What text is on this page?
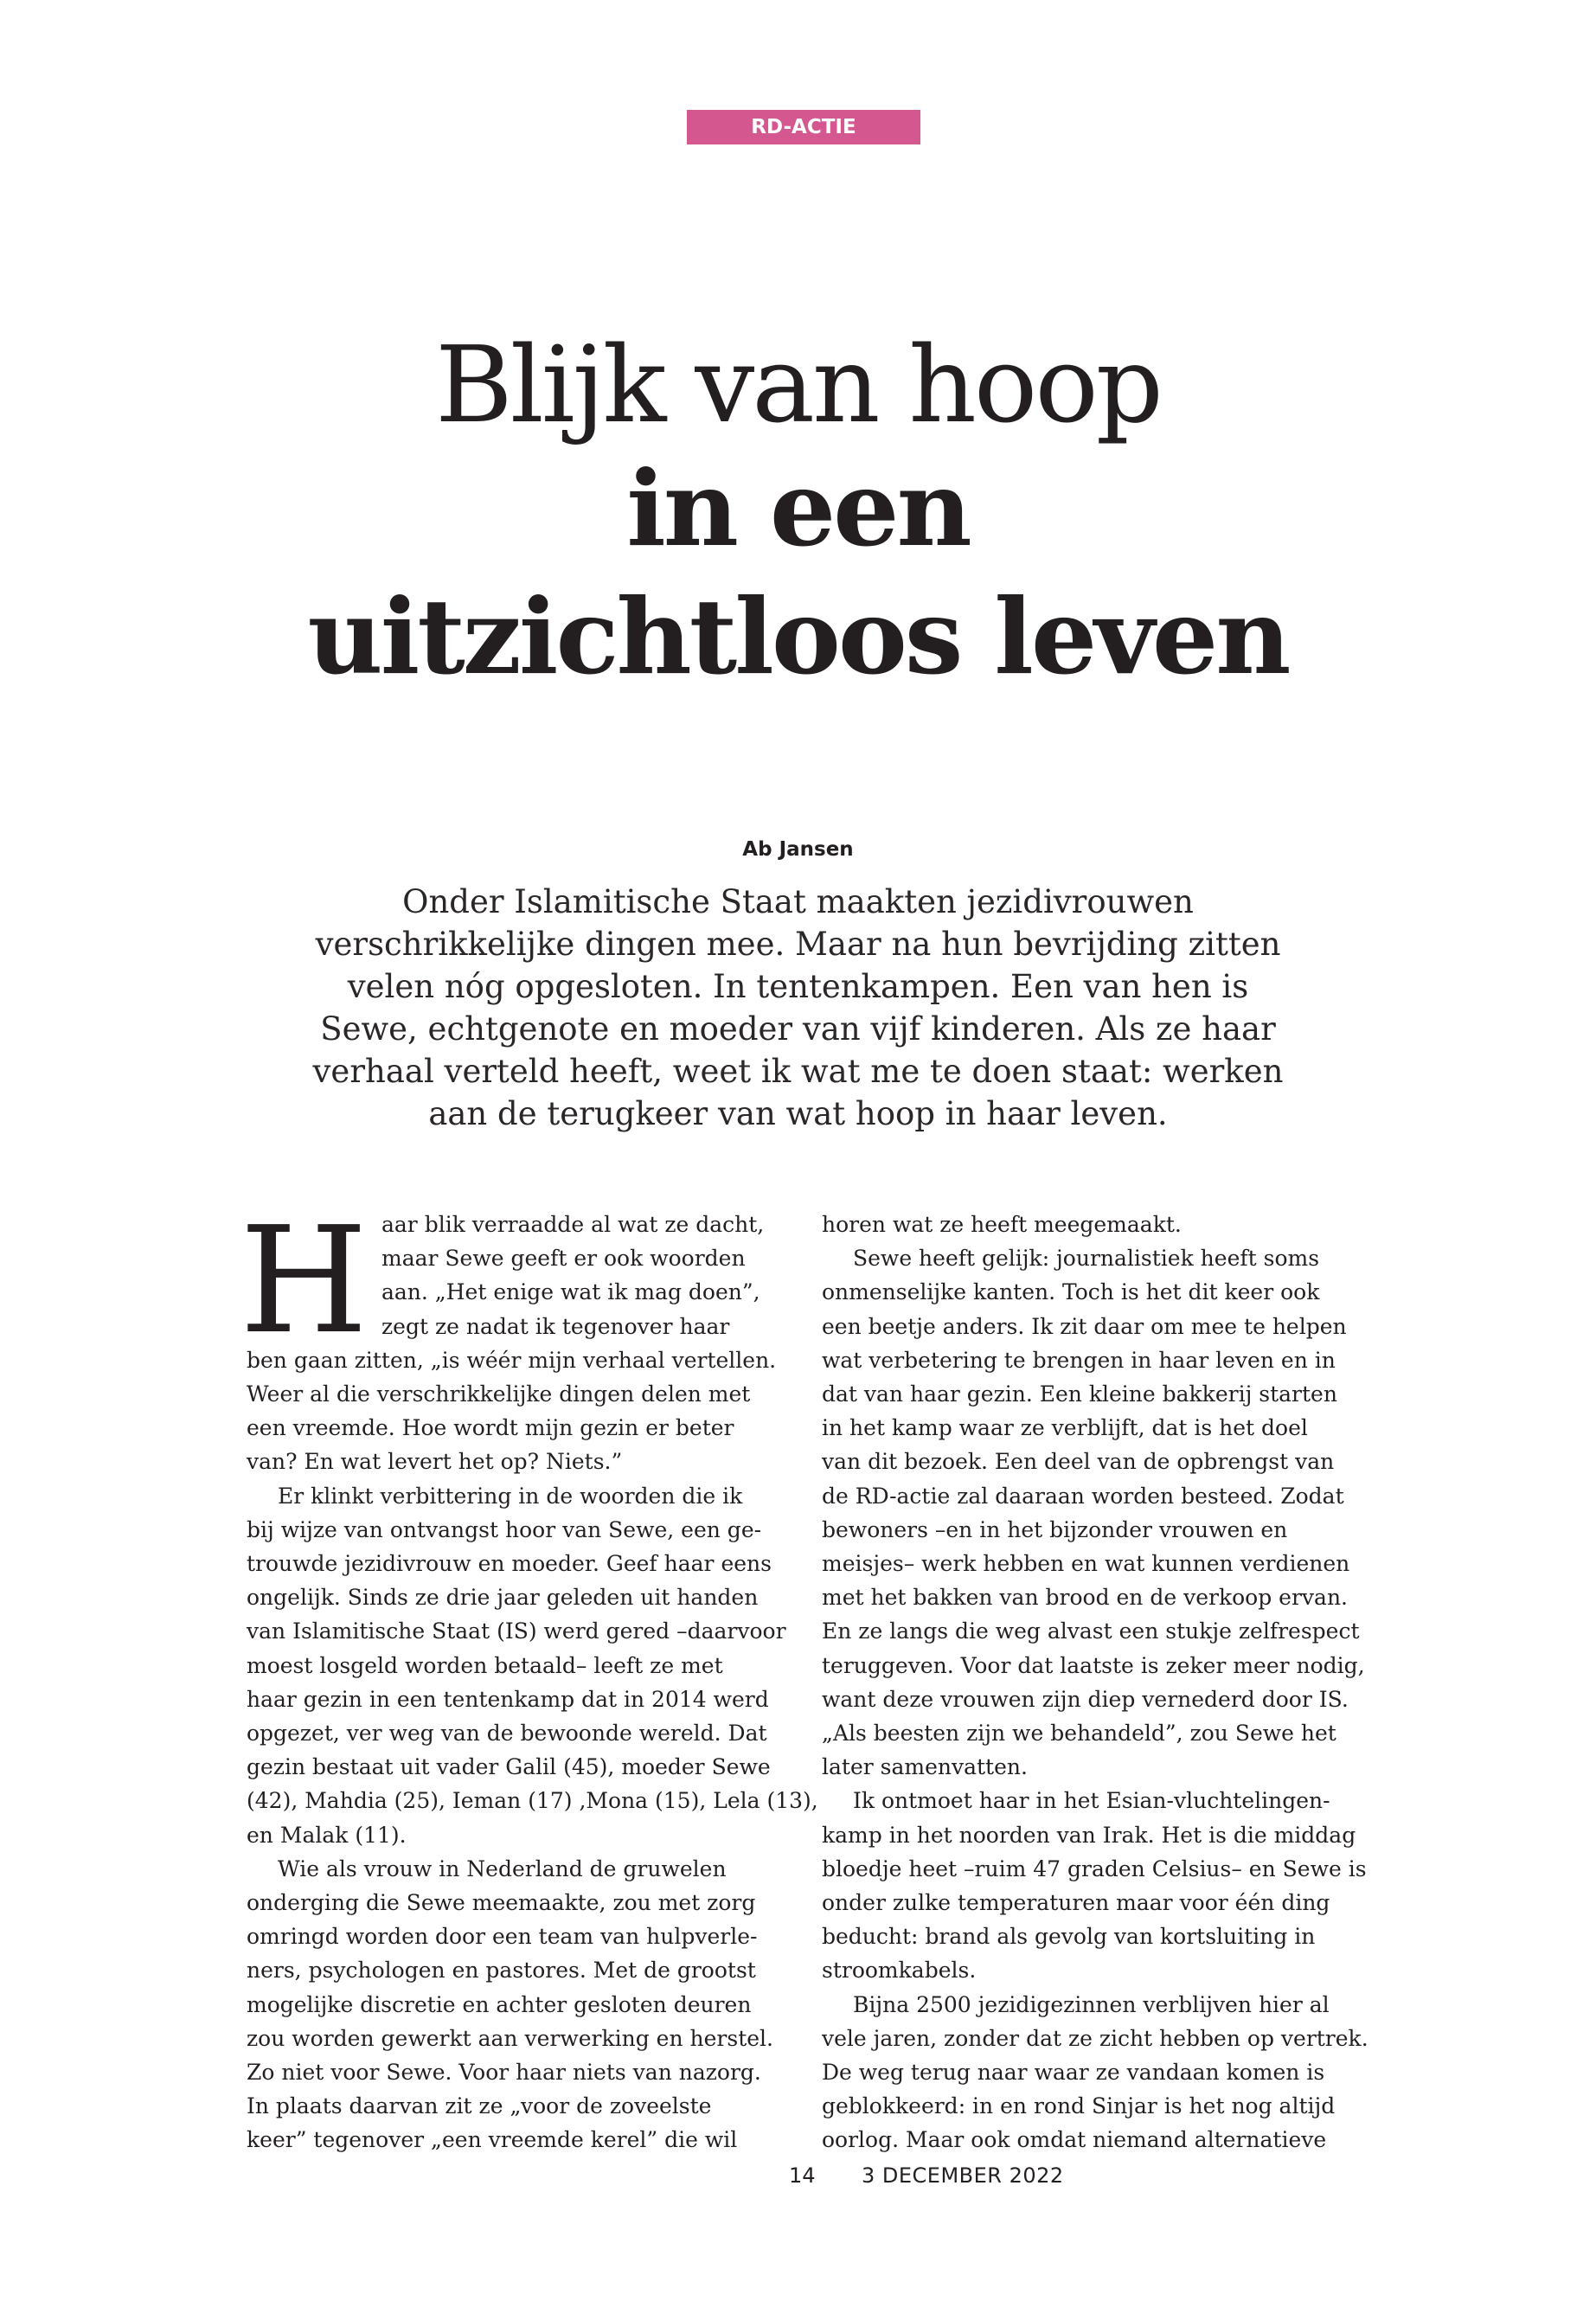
RD-ACTIE
Blijk van hoop
in een
uitzichtloos leven
Ab Jansen

Onder Islamitische Staat maakten jezidivrouwen

verschrikkelijke dingen mee. Maar na hun bevrijding zitten

velen nóg opgesloten. In tentenkampen. Een van hen is

Sewe, echtgenote en moeder van vijf kinderen. Als ze haar

verhaal verteld heeft, weet ik wat me te doen staat: werken

aan de terugkeer van wat hoop in haar leven.

H aar blik verraadde al wat ze dacht,

maar Sewe geeft er ook woorden

aan. „Het enige wat ik mag doen”,

zegt ze nadat ik tegenover haar

ben gaan zitten, „is wéér mijn verhaal vertellen.

Weer al die verschrikkelijke dingen delen met

een vreemde. Hoe wordt mijn gezin er beter

van? En wat levert het op? Niets.”

Er klinkt verbittering in de woorden die ik

bij wijze van ontvangst hoor van Sewe, een ge-

trouwde jezidivrouw en moeder. Geef haar eens

ongelijk. Sinds ze drie jaar geleden uit handen

van Islamitische Staat (IS) werd gered –daarvoor

moest losgeld worden betaald– leeft ze met

haar gezin in een tentenkamp dat in 2014 werd

opgezet, ver weg van de bewoonde wereld. Dat

gezin bestaat uit vader Galil (45), moeder Sewe

(42), Mahdia (25), Ieman (17) ,Mona (15), Lela (13),

en Malak (11).

Wie als vrouw in Nederland de gruwelen

onderging die Sewe meemaakte, zou met zorg

omringd worden door een team van hulpverle-

ners, psychologen en pastores. Met de grootst

mogelijke discretie en achter gesloten deuren

zou worden gewerkt aan verwerking en herstel.

Zo niet voor Sewe. Voor haar niets van nazorg.

In plaats daarvan zit ze „voor de zoveelste

keer” tegenover „een vreemde kerel” die wil

horen wat ze heeft meegemaakt.

Sewe heeft gelijk: journalistiek heeft soms

onmenselijke kanten. Toch is het dit keer ook

een beetje anders. Ik zit daar om mee te helpen

wat verbetering te brengen in haar leven en in

dat van haar gezin. Een kleine bakkerij starten

in het kamp waar ze verblijft, dat is het doel

van dit bezoek. Een deel van de opbrengst van

de RD-actie zal daaraan worden besteed. Zodat

bewoners –en in het bijzonder vrouwen en

meisjes– werk hebben en wat kunnen verdienen

met het bakken van brood en de verkoop ervan.

En ze langs die weg alvast een stukje zelfrespect

teruggeven. Voor dat laatste is zeker meer nodig,

want deze vrouwen zijn diep vernederd door IS.

„Als beesten zijn we behandeld”, zou Sewe het

later samenvatten.

Ik ontmoet haar in het Esian-vluchtelingen-

kamp in het noorden van Irak. Het is die middag

bloedje heet –ruim 47 graden Celsius– en Sewe is

onder zulke temperaturen maar voor één ding

beducht: brand als gevolg van kortsluiting in

stroomkabels.

Bijna 2500 jezidigezinnen verblijven hier al

vele jaren, zonder dat ze zicht hebben op vertrek.

De weg terug naar waar ze vandaan komen is

geblokkeerd: in en rond Sinjar is het nog altijd

oorlog. Maar ook omdat niemand alternatieve

14 3 DECEMBER 2022
